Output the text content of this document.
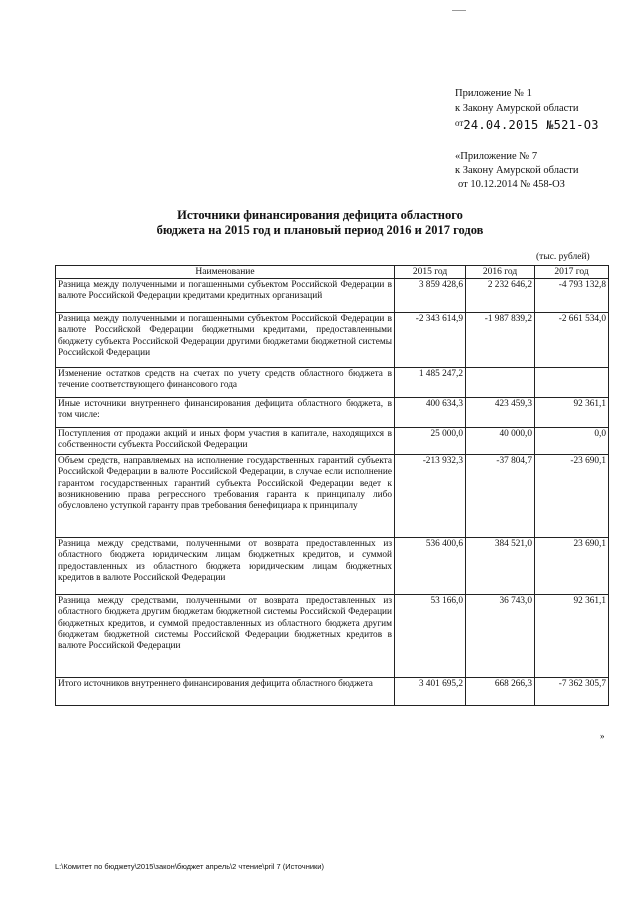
Приложение № 1
к Закону Амурской области
от24.04.2015 №521-ОЗ
«Приложение № 7
к Закону Амурской области
от 10.12.2014 № 458-ОЗ
Источники финансирования дефицита областного
бюджета на 2015 год и плановый период 2016 и 2017 годов
(тыс. рублей)
Наименование	2015 год	2016 год	2017 год
Разница между полученными и погашенными субъектом Российской Федерации в валюте Российской Федерации кредитами кредитных организаций	3 859 428,6	2 232 646,2	-4 793 132,8
Разница между полученными и погашенными субъектом Российской Федерации в валюте Российской Федерации бюджетными кредитами, предоставленными бюджету субъекта Российской Федерации другими бюджетами бюджетной системы Российской Федерации	-2 343 614,9	-1 987 839,2	-2 661 534,0
Изменение остатков средств на счетах по учету средств областного бюджета в течение соответствующего финансового года	1 485 247,2		
Иные источники внутреннего финансирования дефицита областного бюджета, в том числе:	400 634,3	423 459,3	92 361,1
Поступления от продажи акций и иных форм участия в капитале, находящихся в собственности субъекта Российской Федерации	25 000,0	40 000,0	0,0
Объем средств, направляемых на исполнение государственных гарантий субъекта Российской Федерации в валюте Российской Федерации, в случае если исполнение гарантом государственных гарантий субъекта Российской Федерации ведет к возникновению права регрессного требования гаранта к принципалу либо обусловлено уступкой гаранту прав требования бенефициара к принципалу	-213 932,3	-37 804,7	-23 690,1
Разница между средствами, полученными от возврата предоставленных из областного бюджета юридическим лицам бюджетных кредитов, и суммой предоставленных из областного бюджета юридическим лицам бюджетных кредитов в валюте Российской Федерации	536 400,6	384 521,0	23 690,1
Разница между средствами, полученными от возврата предоставленных из областного бюджета другим бюджетам бюджетной системы Российской Федерации бюджетных кредитов, и суммой предоставленных из областного бюджета другим бюджетам бюджетной системы Российской Федерации бюджетных кредитов в валюте Российской Федерации	53 166,0	36 743,0	92 361,1
Итого источников внутреннего финансирования дефицита областного бюджета	3 401 695,2	668 266,3	-7 362 305,7
»
L:\Комитет по бюджету\2015\закон\бюджет апрель\2 чтение\pril 7 (Источники)
